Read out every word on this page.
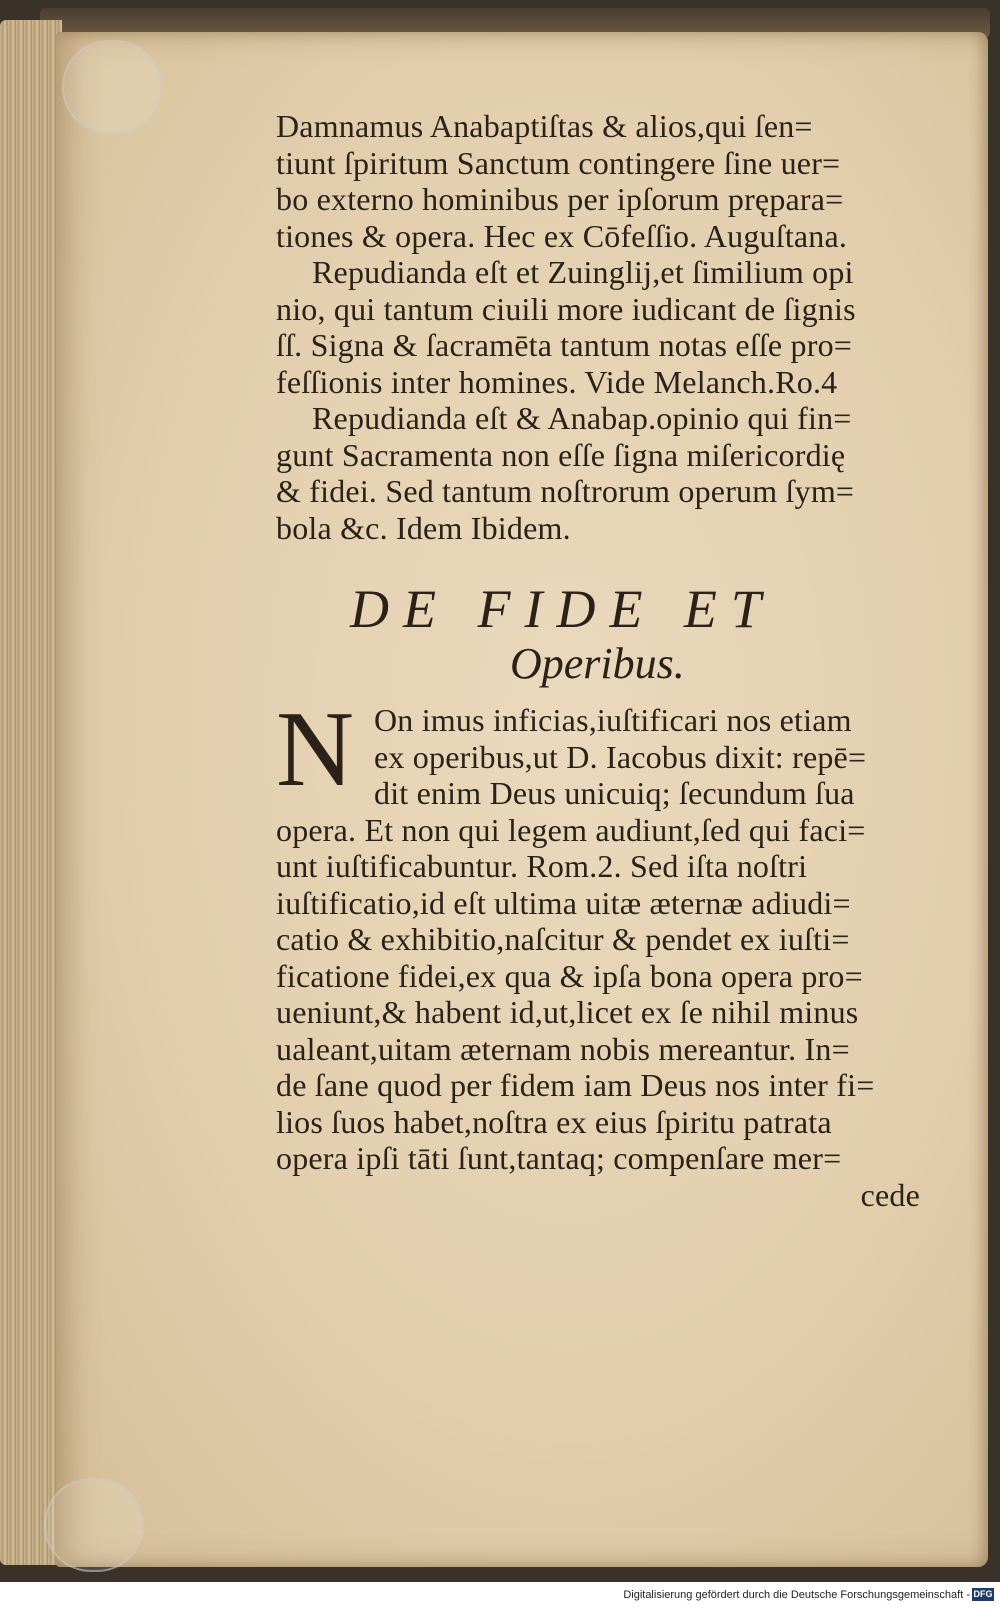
Damnamus Anabaptiſtas & alios,qui ſen=
tiunt ſpiritum Sanctum contingere ſine uer=
bo externo hominibus per ipſorum prępara=
tiones & opera. Hec ex Cōfeſſio. Auguſtana.
Repudianda eſt et Zuinglij,et ſimilium opi
nio, qui tantum ciuili more iudicant de ſignis
ſſ. Signa & ſacramēta tantum notas eſſe pro=
feſſionis inter homines. Vide Melanch.Ro.4
Repudianda eſt & Anabap.opinio qui fin=
gunt Sacramenta non eſſe ſigna miſericordię
& fidei. Sed tantum noſtrorum operum ſym=
bola &c. Idem Ibidem.
DE FIDE ET
Operibus.
N On imus inficias,iuſtificari nos etiam
ex operibus,ut D. Iacobus dixit: repē=
dit enim Deus unicuiq; ſecundum ſua
opera. Et non qui legem audiunt,ſed qui faci=
unt iuſtificabuntur. Rom.2. Sed iſta noſtri
iuſtificatio,id eſt ultima uitæ æternæ adiudi=
catio & exhibitio,naſcitur & pendet ex iuſti=
ficatione fidei,ex qua & ipſa bona opera pro=
ueniunt,& habent id,ut,licet ex ſe nihil minus
ualeant,uitam æternam nobis mereantur. In=
de ſane quod per fidem iam Deus nos inter fi=
lios ſuos habet,noſtra ex eius ſpiritu patrata
opera ipſi tāti ſunt,tantaq; compenſare mer=
cede
Digitalisierung gefördert durch die Deutsche Forschungsgemeinschaft - DFG
